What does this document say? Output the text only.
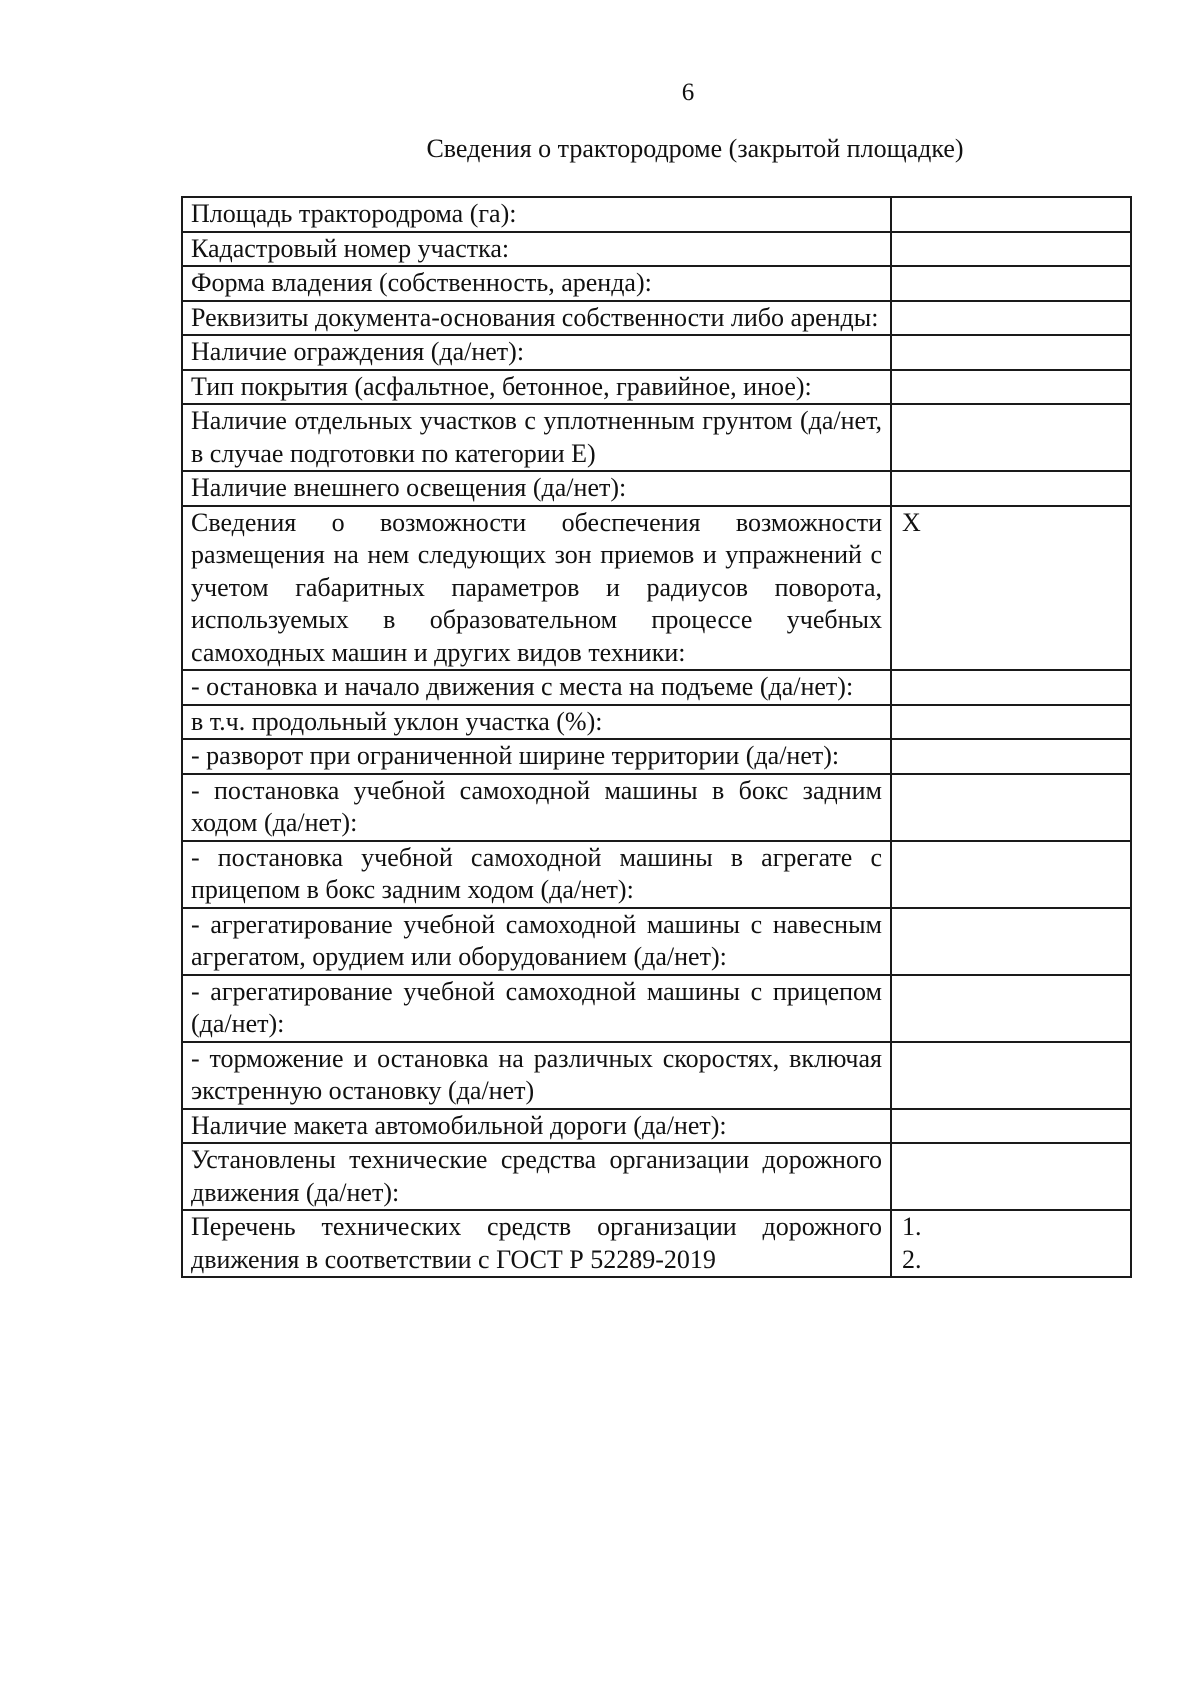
6
Сведения о трактородроме (закрытой площадке)
Площадь трактородрома (га):	
Кадастровый номер участка:	
Форма владения (собственность, аренда):	
Реквизиты документа-основания собственности либо аренды:	
Наличие ограждения (да/нет):	
Тип покрытия (асфальтное, бетонное, гравийное, иное):	
Наличие отдельных участков с уплотненным грунтом (да/нет, в случае подготовки по категории Е)	
Наличие внешнего освещения (да/нет):	
Сведения о возможности обеспечения возможности размещения на нем следующих зон приемов и упражнений с учетом габаритных параметров и радиусов поворота, используемых в образовательном процессе учебных самоходных машин и других видов техники:	X
- остановка и начало движения с места на подъеме (да/нет):	
в т.ч. продольный уклон участка (%):	
- разворот при ограниченной ширине территории (да/нет):	
- постановка учебной самоходной машины в бокс задним ходом (да/нет):	
- постановка учебной самоходной машины в агрегате с прицепом в бокс задним ходом (да/нет):	
- агрегатирование учебной самоходной машины с навесным агрегатом, орудием или оборудованием (да/нет):	
- агрегатирование учебной самоходной машины с прицепом (да/нет):	
- торможение и остановка на различных скоростях, включая экстренную остановку (да/нет)	
Наличие макета автомобильной дороги (да/нет):	
Установлены технические средства организации дорожного движения (да/нет):	
Перечень технических средств организации дорожного движения в соответствии с ГОСТ Р 52289-2019	1.
2.
